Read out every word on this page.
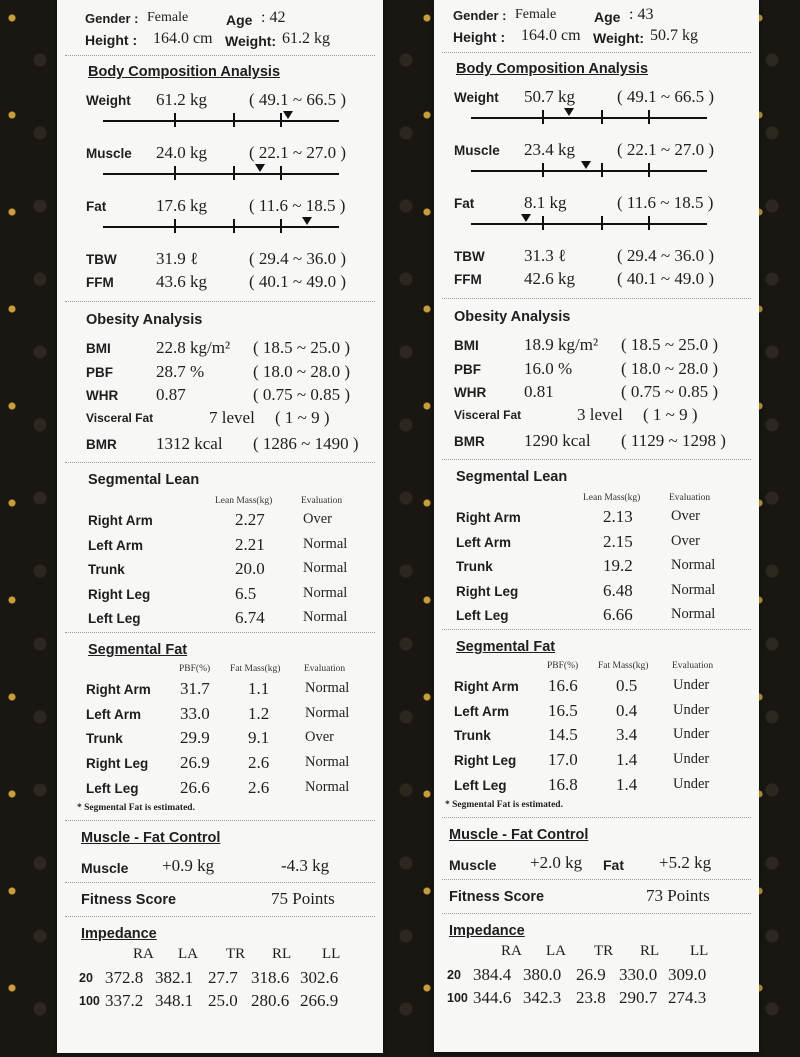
Gender : Female	Age : 42
Height : 164.0 cm Weight: 61.2 kg
Body Composition Analysis
Weight 61.2 kg ( 49.1 ~ 66.5 )
Muscle 24.0 kg ( 22.1 ~ 27.0 )
Fat	17.6 kg ( 11.6 ~ 18.5 )
TBW 31.9 ℓ	( 29.4 ~ 36.0 )
FFM 43.6 kg ( 40.1 ~ 49.0 )
Obesity Analysis
BMI	22.8 kg/m² ( 18.5 ~ 25.0 )
PBF	28.7 %	( 18.0 ~ 28.0 )
WHR 0.87	( 0.75 ~ 0.85 )
Visceral Fat	7 level ( 1 ~ 9 )
BMR 1312 kcal ( 1286 ~ 1490 )
Segmental Lean
Lean Mass(kg)	Evaluation
Right Arm	2.27	Over
Left Arm	2.21	Normal
Trunk	20.0	Normal
Right Leg	6.5	Normal
Left Leg	6.74	Normal
Segmental Fat
PBF(%) Fat Mass(kg) Evaluation
Right Arm 31.7 1.1 Normal
Left Arm 33.0 1.2 Normal
Trunk	29.9 9.1 Over
Right Leg 26.9 2.6 Normal
Left Leg 26.6 2.6 Normal
* Segmental Fat is estimated.
Muscle - Fat Control
Muscle +0.9 kg	-4.3 kg
Fitness Score	75 Points
Impedance
RA LA TR RL LL
20 372.8 382.1 27.7 318.6 302.6
100 337.2 348.1 25.0 280.6 266.9
Gender : Female	Age : 43
Height : 164.0 cm Weight: 50.7 kg
Body Composition Analysis
Weight 50.7 kg ( 49.1 ~ 66.5 )
Muscle 23.4 kg ( 22.1 ~ 27.0 )
Fat	8.1 kg	( 11.6 ~ 18.5 )
TBW 31.3 ℓ	( 29.4 ~ 36.0 )
FFM 42.6 kg ( 40.1 ~ 49.0 )
Obesity Analysis
BMI	18.9 kg/m² ( 18.5 ~ 25.0 )
PBF	16.0 %	( 18.0 ~ 28.0 )
WHR 0.81	( 0.75 ~ 0.85 )
Visceral Fat	3 level ( 1 ~ 9 )
BMR 1290 kcal ( 1129 ~ 1298 )
Segmental Lean
Lean Mass(kg)	Evaluation
Right Arm	2.13	Over
Left Arm	2.15	Over
Trunk	19.2	Normal
Right Leg	6.48	Normal
Left Leg	6.66	Normal
Segmental Fat
PBF(%) Fat Mass(kg) Evaluation
Right Arm 16.6 0.5 Under
Left Arm 16.5 0.4 Under
Trunk	14.5 3.4 Under
Right Leg 17.0 1.4 Under
Left Leg 16.8 1.4 Under
* Segmental Fat is estimated.
Muscle - Fat Control
Muscle +2.0 kg Fat +5.2 kg
Fitness Score	73 Points
Impedance
RA LA TR RL LL
20 384.4 380.0 26.9 330.0 309.0
100 344.6 342.3 23.8 290.7 274.3
